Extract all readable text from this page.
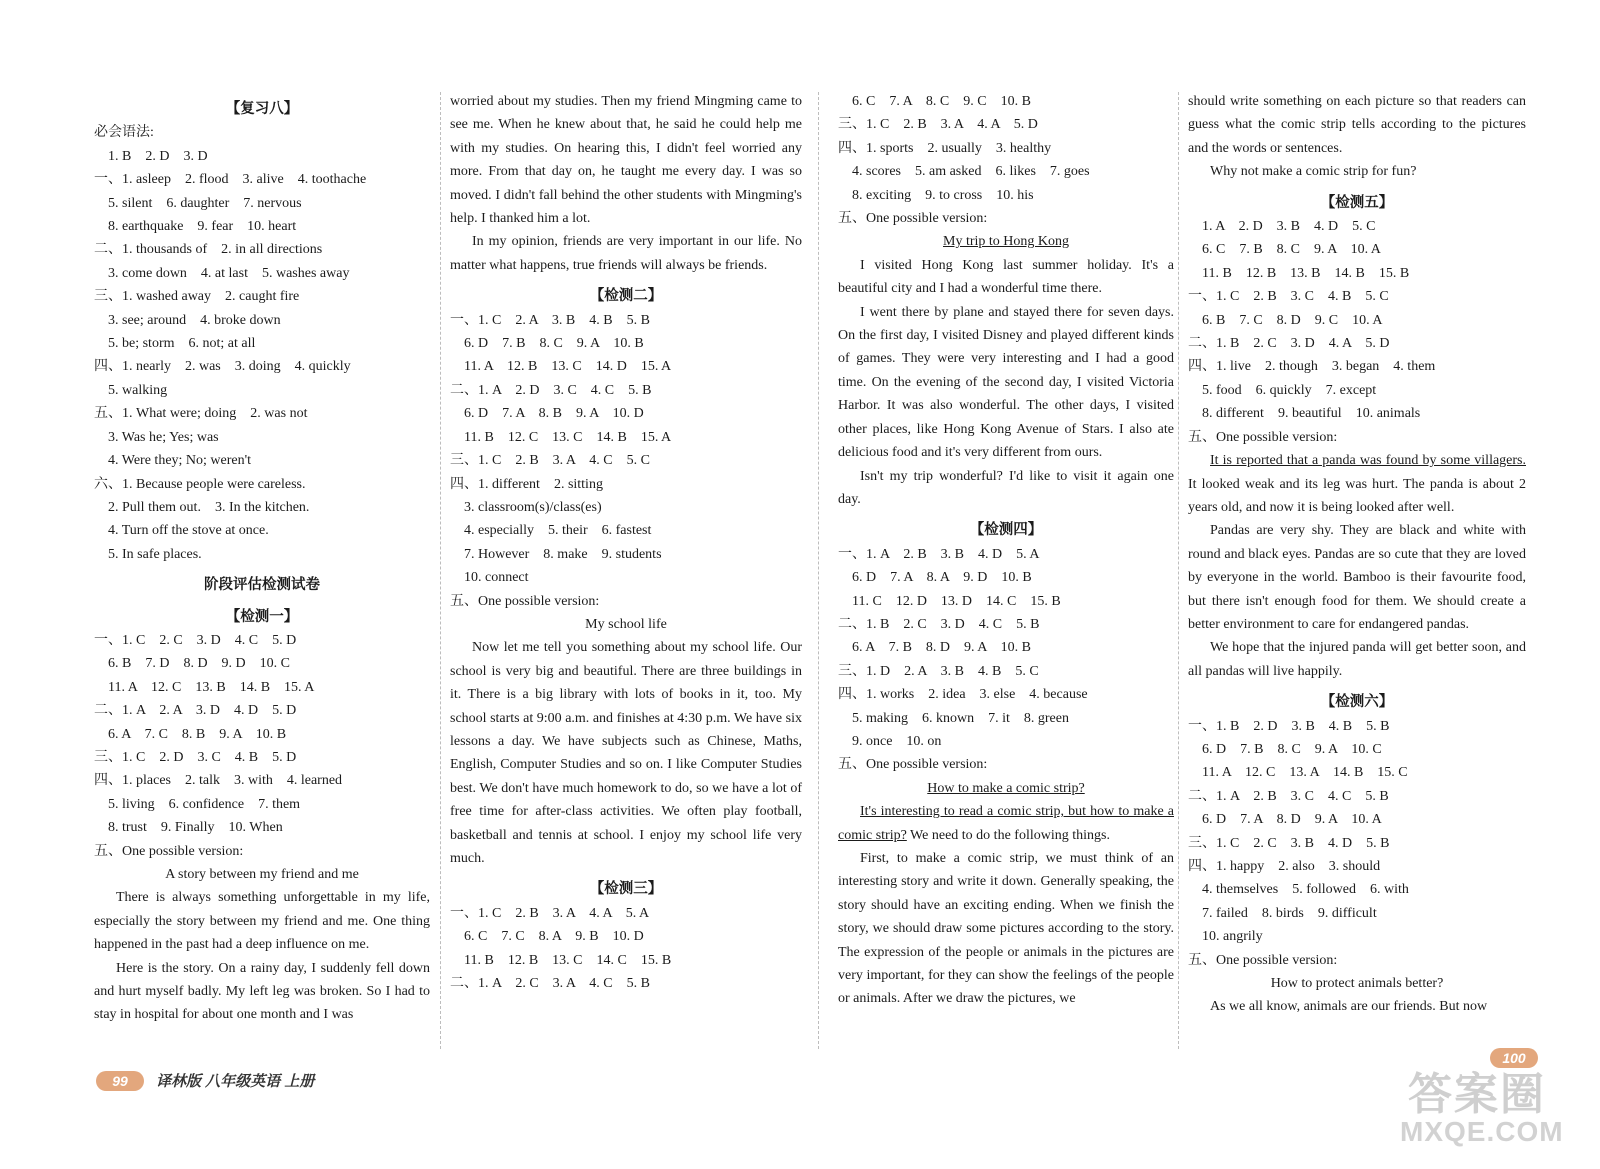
【复习八】
必会语法:
1. B    2. D    3. D
一、1. asleep    2. flood    3. alive    4. toothache
5. silent    6. daughter    7. nervous
8. earthquake    9. fear    10. heart
二、1. thousands of    2. in all directions
3. come down    4. at last    5. washes away
三、1. washed away    2. caught fire
3. see; around    4. broke down
5. be; storm    6. not; at all
四、1. nearly    2. was    3. doing    4. quickly
5. walking
五、1. What were; doing    2. was not
3. Was he; Yes; was
4. Were they; No; weren't
六、1. Because people were careless.
2. Pull them out.    3. In the kitchen.
4. Turn off the stove at once.
5. In safe places.
阶段评估检测试卷
【检测一】
一、1. C    2. C    3. D    4. C    5. D
6. B    7. D    8. D    9. D    10. C
11. A    12. C    13. B    14. B    15. A
二、1. A    2. A    3. D    4. D    5. D
6. A    7. C    8. B    9. A    10. B
三、1. C    2. D    3. C    4. B    5. D
四、1. places    2. talk    3. with    4. learned
5. living    6. confidence    7. them
8. trust    9. Finally    10. When
五、One possible version:
A story between my friend and me
There is always something unforgettable in my life, especially the story between my friend and me. One thing happened in the past had a deep influence on me.
Here is the story. On a rainy day, I suddenly fell down and hurt myself badly. My left leg was broken. So I had to stay in hospital for about one month and I was
worried about my studies. Then my friend Mingming came to see me. When he knew about that, he said he could help me with my studies. On hearing this, I didn't feel worried any more. From that day on, he taught me every day. I was so moved. I didn't fall behind the other students with Mingming's help. I thanked him a lot.
In my opinion, friends are very important in our life. No matter what happens, true friends will always be friends.
【检测二】
一、1. C    2. A    3. B    4. B    5. B
6. D    7. B    8. C    9. A    10. B
11. A    12. B    13. C    14. D    15. A
二、1. A    2. D    3. C    4. C    5. B
6. D    7. A    8. B    9. A    10. D
11. B    12. C    13. C    14. B    15. A
三、1. C    2. B    3. A    4. C    5. C
四、1. different    2. sitting
3. classroom(s)/class(es)
4. especially    5. their    6. fastest
7. However    8. make    9. students
10. connect
五、One possible version:
My school life
Now let me tell you something about my school life. Our school is very big and beautiful. There are three buildings in it. There is a big library with lots of books in it, too. My school starts at 9:00 a.m. and finishes at 4:30 p.m. We have six lessons a day. We have subjects such as Chinese, Maths, English, Computer Studies and so on. I like Computer Studies best. We don't have much homework to do, so we have a lot of free time for after-class activities. We often play football, basketball and tennis at school. I enjoy my school life very much.
【检测三】
一、1. C    2. B    3. A    4. A    5. A
6. C    7. C    8. A    9. B    10. D
11. B    12. B    13. C    14. C    15. B
二、1. A    2. C    3. A    4. C    5. B
6. C    7. A    8. C    9. C    10. B
三、1. C    2. B    3. A    4. A    5. D
四、1. sports    2. usually    3. healthy
4. scores    5. am asked    6. likes    7. goes
8. exciting    9. to cross    10. his
五、One possible version:
My trip to Hong Kong
I visited Hong Kong last summer holiday. It's a beautiful city and I had a wonderful time there.
I went there by plane and stayed there for seven days. On the first day, I visited Disney and played different kinds of games. They were very interesting and I had a good time. On the evening of the second day, I visited Victoria Harbor. It was also wonderful. The other days, I visited other places, like Hong Kong Avenue of Stars. I also ate delicious food and it's very different from ours.
Isn't my trip wonderful? I'd like to visit it again one day.
【检测四】
一、1. A    2. B    3. B    4. D    5. A
6. D    7. A    8. A    9. D    10. B
11. C    12. D    13. D    14. C    15. B
二、1. B    2. C    3. D    4. C    5. B
6. A    7. B    8. D    9. A    10. B
三、1. D    2. A    3. B    4. B    5. C
四、1. works    2. idea    3. else    4. because
5. making    6. known    7. it    8. green
9. once    10. on
五、One possible version:
How to make a comic strip?
It's interesting to read a comic strip, but how to make a comic strip? We need to do the following things.
First, to make a comic strip, we must think of an interesting story and write it down. Generally speaking, the story should have an exciting ending. When we finish the story, we should draw some pictures according to the story. The expression of the people or animals in the pictures are very important, for they can show the feelings of the people or animals. After we draw the pictures, we
should write something on each picture so that readers can guess what the comic strip tells according to the pictures and the words or sentences.
Why not make a comic strip for fun?
【检测五】
1. A    2. D    3. B    4. D    5. C
6. C    7. B    8. C    9. A    10. A
11. B    12. B    13. B    14. B    15. B
一、1. C    2. B    3. C    4. B    5. C
6. B    7. C    8. D    9. C    10. A
二、1. B    2. C    3. D    4. A    5. D
四、1. live    2. though    3. began    4. them
5. food    6. quickly    7. except
8. different    9. beautiful    10. animals
五、One possible version:
It is reported that a panda was found by some villagers. It looked weak and its leg was hurt. The panda is about 2 years old, and now it is being looked after well.
Pandas are very shy. They are black and white with round and black eyes. Pandas are so cute that they are loved by everyone in the world. Bamboo is their favourite food, but there isn't enough food for them. We should create a better environment to care for endangered pandas.
We hope that the injured panda will get better soon, and all pandas will live happily.
【检测六】
一、1. B    2. D    3. B    4. B    5. B
6. D    7. B    8. C    9. A    10. C
11. A    12. C    13. A    14. B    15. C
二、1. A    2. B    3. C    4. C    5. B
6. D    7. A    8. D    9. A    10. A
三、1. C    2. C    3. B    4. D    5. B
四、1. happy    2. also    3. should
4. themselves    5. followed    6. with
7. failed    8. birds    9. difficult
10. angrily
五、One possible version:
How to protect animals better?
As we all know, animals are our friends. But now
99	译林版 八年级英语 上册
100
答案圈
MXQE.COM
